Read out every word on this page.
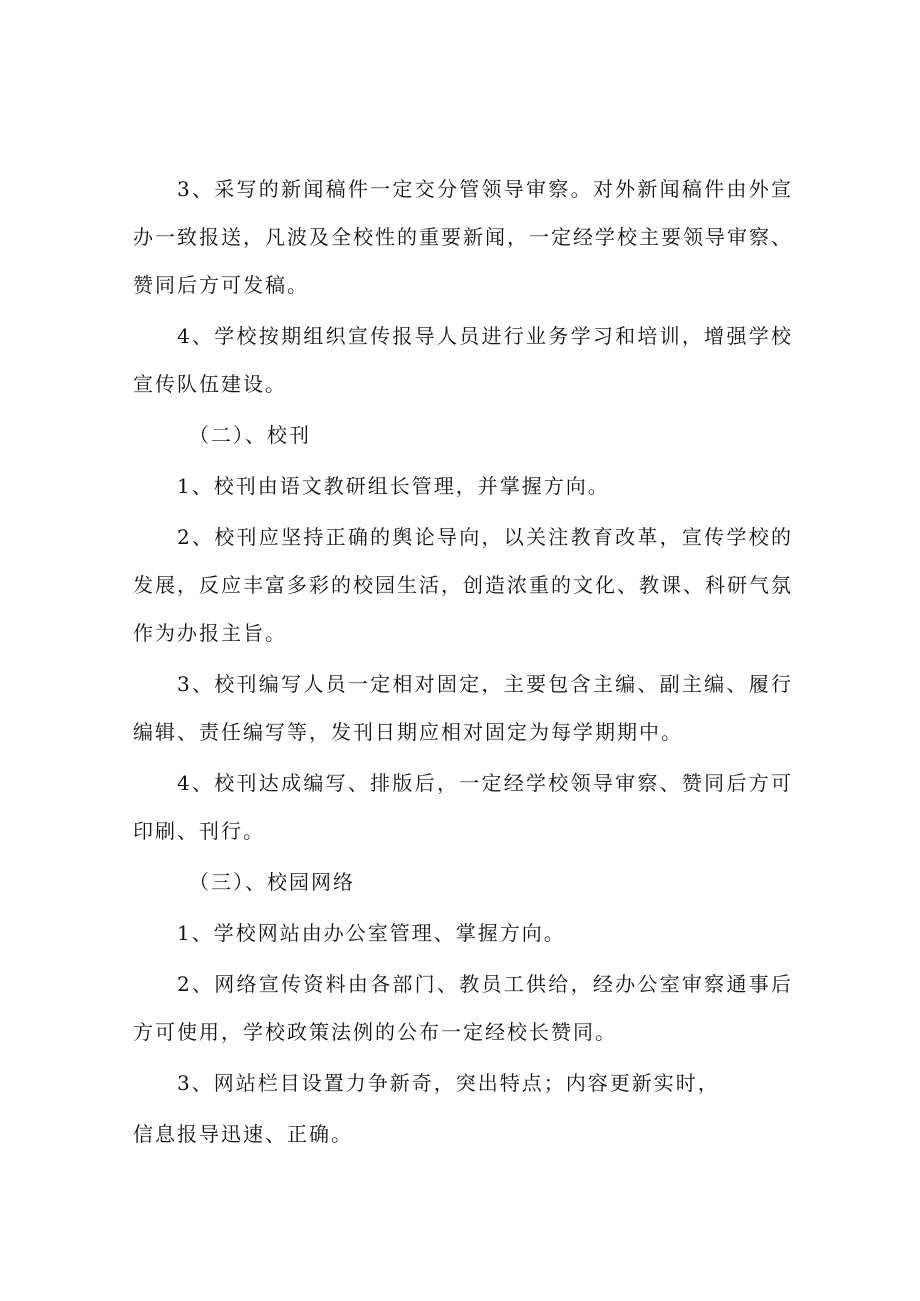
3、采写的新闻稿件一定交分管领导审察。对外新闻稿件由外宣办一致报送，凡波及全校性的重要新闻，一定经学校主要领导审察、赞同后方可发稿。

4、学校按期组织宣传报导人员进行业务学习和培训，增强学校宣传队伍建设。

（二）、校刊

1、校刊由语文教研组长管理，并掌握方向。

2、校刊应坚持正确的舆论导向，以关注教育改革，宣传学校的发展，反应丰富多彩的校园生活，创造浓重的文化、教课、科研气氛作为办报主旨。

3、校刊编写人员一定相对固定，主要包含主编、副主编、履行编辑、责任编写等，发刊日期应相对固定为每学期期中。

4、校刊达成编写、排版后，一定经学校领导审察、赞同后方可印刷、刊行。

（三）、校园网络

1、学校网站由办公室管理、掌握方向。

2、网络宣传资料由各部门、教员工供给，经办公室审察通事后方可使用，学校政策法例的公布一定经校长赞同。

3、网站栏目设置力争新奇，突出特点；内容更新实时，

信息报导迅速、正确。
